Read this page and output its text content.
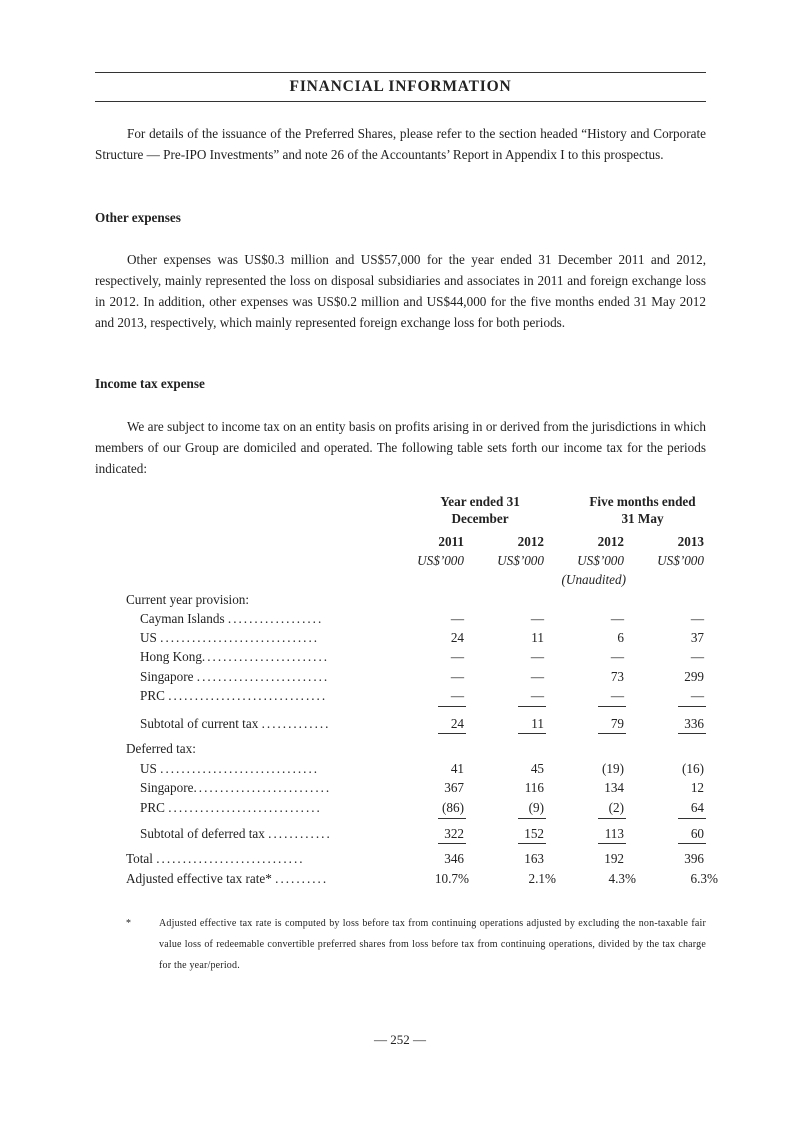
FINANCIAL INFORMATION

For details of the issuance of the Preferred Shares, please refer to the section headed “History and Corporate Structure — Pre-IPO Investments” and note 26 of the Accountants’ Report in Appendix I to this prospectus.

Other expenses

Other expenses was US$0.3 million and US$57,000 for the year ended 31 December 2011 and 2012, respectively, mainly represented the loss on disposal subsidiaries and associates in 2011 and foreign exchange loss in 2012. In addition, other expenses was US$0.2 million and US$44,000 for the five months ended 31 May 2012 and 2013, respectively, which mainly represented foreign exchange loss for both periods.

Income tax expense

We are subject to income tax on an entity basis on profits arising in or derived from the jurisdictions in which members of our Group are domiciled and operated. The following table sets forth our income tax for the periods indicated:

Year ended 31
December
Five months ended
31 May
2011	2012	2012	2013
US$’000	US$’000	US$’000	US$’000
(Unaudited)
Current year provision:
Cayman Islands ..................	—	—	—	—
US ..............................	24	11	6	37
Hong Kong........................	—	—	—	—
Singapore .........................	—	—	73	299
PRC ..............................	—	—	—	—
Subtotal of current tax .............	24	11	79	336
Deferred tax:
US ..............................	41	45	(19)	(16)
Singapore..........................	367	116	134	12
PRC .............................	(86)	(9)	(2)	64
Subtotal of deferred tax ............	322	152	113	60
Total ............................	346	163	192	396
Adjusted effective tax rate* ..........	10.7%	2.1%	4.3%	6.3%
*	Adjusted effective tax rate is computed by loss before tax from continuing operations adjusted by excluding the non-taxable fair value loss of redeemable convertible preferred shares from loss before tax from continuing operations, divided by the tax charge for the year/period.

— 252 —
